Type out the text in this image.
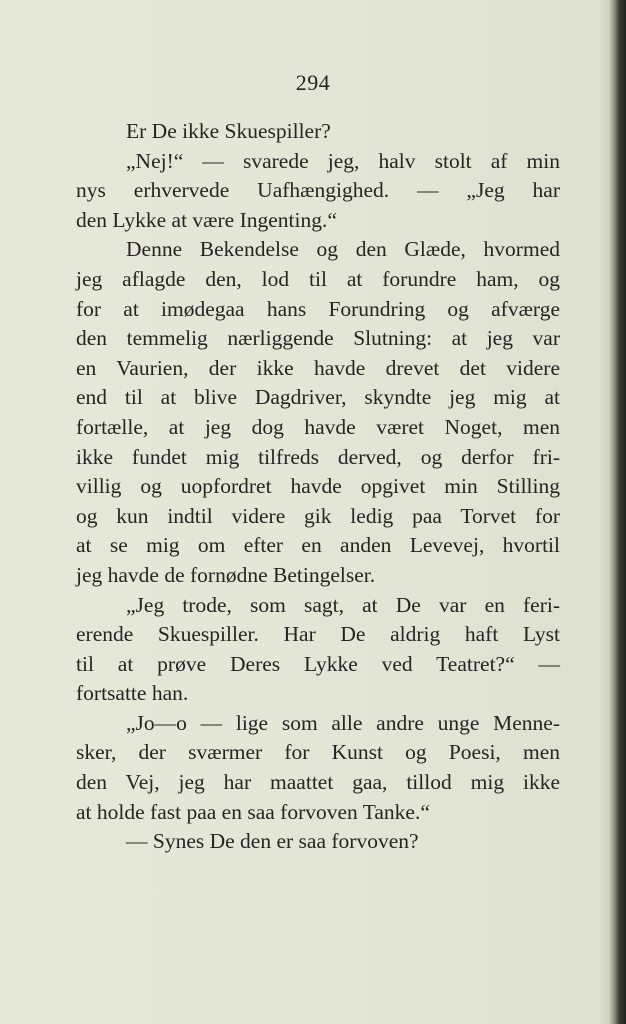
294
Er De ikke Skuespiller?
„Nej!“ — svarede jeg, halv stolt af min
nys erhvervede Uafhængighed. — „Jeg har
den Lykke at være Ingenting.“
Denne Bekendelse og den Glæde, hvormed
jeg aflagde den, lod til at forundre ham, og
for at imødegaa hans Forundring og afværge
den temmelig nærliggende Slutning: at jeg var
en Vaurien, der ikke havde drevet det videre
end til at blive Dagdriver, skyndte jeg mig at
fortælle, at jeg dog havde været Noget, men
ikke fundet mig tilfreds derved, og derfor fri-
villig og uopfordret havde opgivet min Stilling
og kun indtil videre gik ledig paa Torvet for
at se mig om efter en anden Levevej, hvortil
jeg havde de fornødne Betingelser.
„Jeg trode, som sagt, at De var en feri-
erende Skuespiller. Har De aldrig haft Lyst
til at prøve Deres Lykke ved Teatret?“ —
fortsatte han.
„Jo—o — lige som alle andre unge Menne-
sker, der sværmer for Kunst og Poesi, men
den Vej, jeg har maattet gaa, tillod mig ikke
at holde fast paa en saa forvoven Tanke.“
— Synes De den er saa forvoven?
